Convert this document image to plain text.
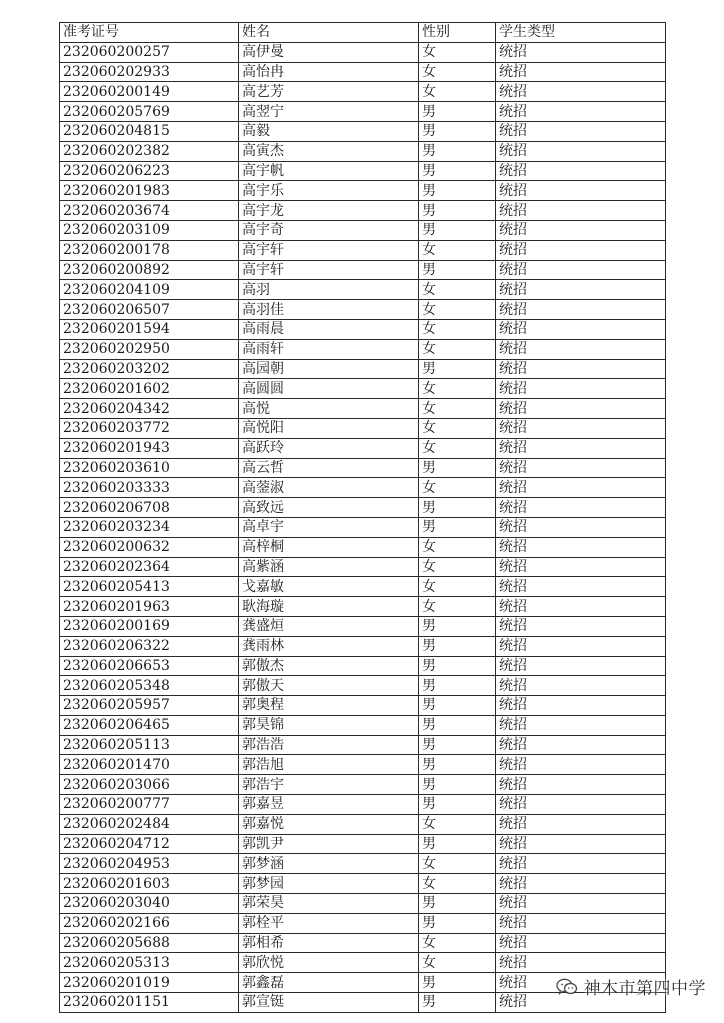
准考证号	姓名	性别	学生类型
232060200257	高伊曼	女	统招
232060202933	高怡冉	女	统招
232060200149	高艺芳	女	统招
232060205769	高翌宁	男	统招
232060204815	高毅	男	统招
232060202382	高寅杰	男	统招
232060206223	高宇帆	男	统招
232060201983	高宇乐	男	统招
232060203674	高宇龙	男	统招
232060203109	高宇奇	男	统招
232060200178	高宇轩	女	统招
232060200892	高宇轩	男	统招
232060204109	高羽	女	统招
232060206507	高羽佳	女	统招
232060201594	高雨晨	女	统招
232060202950	高雨轩	女	统招
232060203202	高园朝	男	统招
232060201602	高圆圆	女	统招
232060204342	高悦	女	统招
232060203772	高悦阳	女	统招
232060201943	高跃玲	女	统招
232060203610	高云哲	男	统招
232060203333	高蓥淑	女	统招
232060206708	高致远	男	统招
232060203234	高卓宇	男	统招
232060200632	高梓桐	女	统招
232060202364	高紫涵	女	统招
232060205413	戈嘉敏	女	统招
232060201963	耿海璇	女	统招
232060200169	龚盛烜	男	统招
232060206322	龚雨林	男	统招
232060206653	郭傲杰	男	统招
232060205348	郭傲天	男	统招
232060205957	郭奥程	男	统招
232060206465	郭昊锦	男	统招
232060205113	郭浩浩	男	统招
232060201470	郭浩旭	男	统招
232060203066	郭浩宇	男	统招
232060200777	郭嘉昱	男	统招
232060202484	郭嘉悦	女	统招
232060204712	郭凯尹	男	统招
232060204953	郭梦涵	女	统招
232060201603	郭梦园	女	统招
232060203040	郭荣昊	男	统招
232060202166	郭栓平	男	统招
232060205688	郭相希	女	统招
232060205313	郭欣悦	女	统招
232060201019	郭鑫磊	男	统招
232060201151	郭宣铤	男	统招
神木市第四中学
